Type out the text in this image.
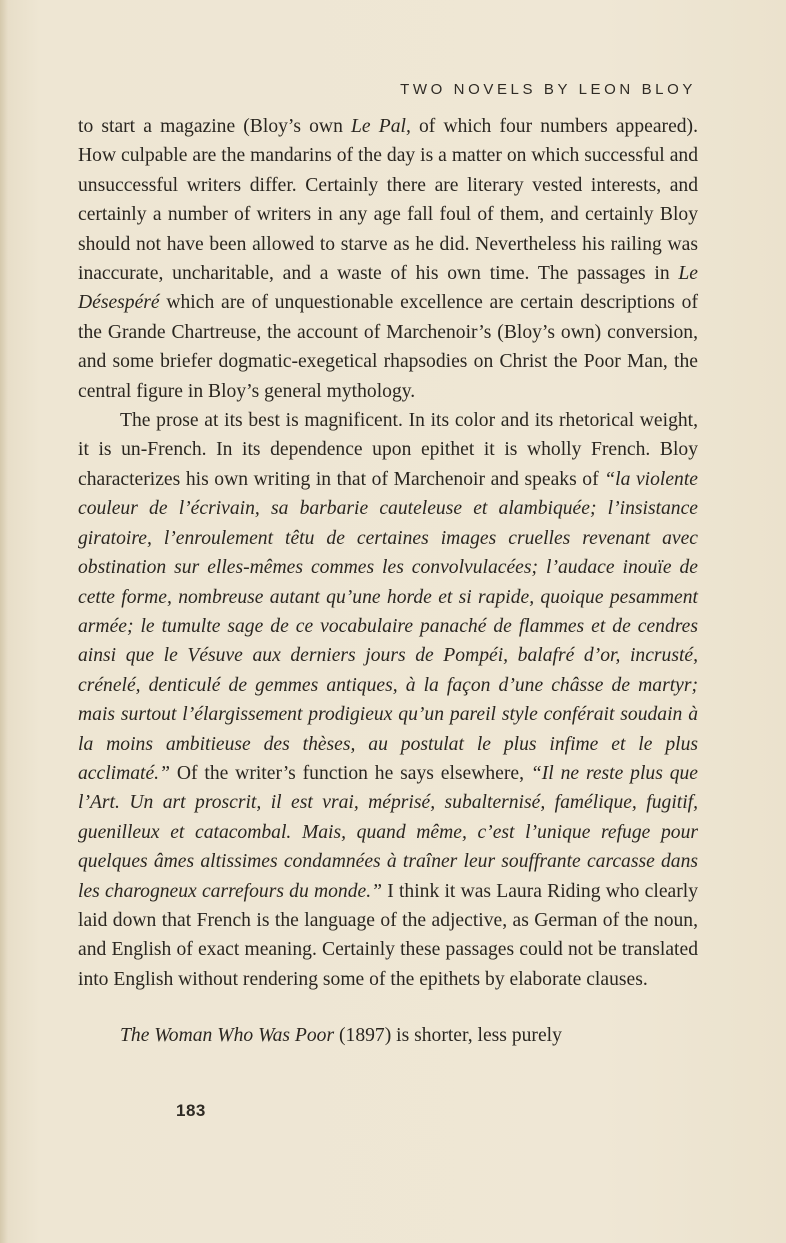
TWO NOVELS BY LEON BLOY

to start a magazine (Bloy’s own Le Pal, of which four numbers appeared). How culpable are the mandarins of the day is a matter on which successful and unsuccessful writers differ. Certainly there are literary vested interests, and certainly a number of writers in any age fall foul of them, and certainly Bloy should not have been allowed to starve as he did. Nevertheless his railing was inaccurate, uncharitable, and a waste of his own time. The passages in Le Désespéré which are of unquestionable excellence are certain descriptions of the Grande Chartreuse, the account of Marchenoir’s (Bloy’s own) conversion, and some briefer dogmatic-exegetical rhapsodies on Christ the Poor Man, the central figure in Bloy’s general mythology.

The prose at its best is magnificent. In its color and its rhetorical weight, it is un-French. In its dependence upon epithet it is wholly French. Bloy characterizes his own writing in that of Marchenoir and speaks of “la violente couleur de l’écrivain, sa barbarie cauteleuse et alambiquée; l’insistance giratoire, l’enroulement têtu de certaines images cruelles revenant avec obstination sur elles-mêmes commes les convolvulacées; l’audace inouïe de cette forme, nombreuse autant qu’une horde et si rapide, quoique pesamment armée; le tumulte sage de ce vocabulaire panaché de flammes et de cendres ainsi que le Vésuve aux derniers jours de Pompéi, balafré d’or, incrusté, crénelé, denticulé de gemmes antiques, à la façon d’une châsse de martyr; mais surtout l’élargissement prodigieux qu’un pareil style conférait soudain à la moins ambitieuse des thèses, au postulat le plus infime et le plus acclimaté.” Of the writer’s function he says elsewhere, “Il ne reste plus que l’Art. Un art proscrit, il est vrai, méprisé, subalternisé, famélique, fugitif, guenilleux et catacombal. Mais, quand même, c’est l’unique refuge pour quelques âmes altissimes condamnées à traîner leur souffrante carcasse dans les charogneux carrefours du monde.” I think it was Laura Riding who clearly laid down that French is the language of the adjective, as German of the noun, and English of exact meaning. Certainly these passages could not be translated into English without rendering some of the epithets by elaborate clauses.

The Woman Who Was Poor (1897) is shorter, less purely

183
